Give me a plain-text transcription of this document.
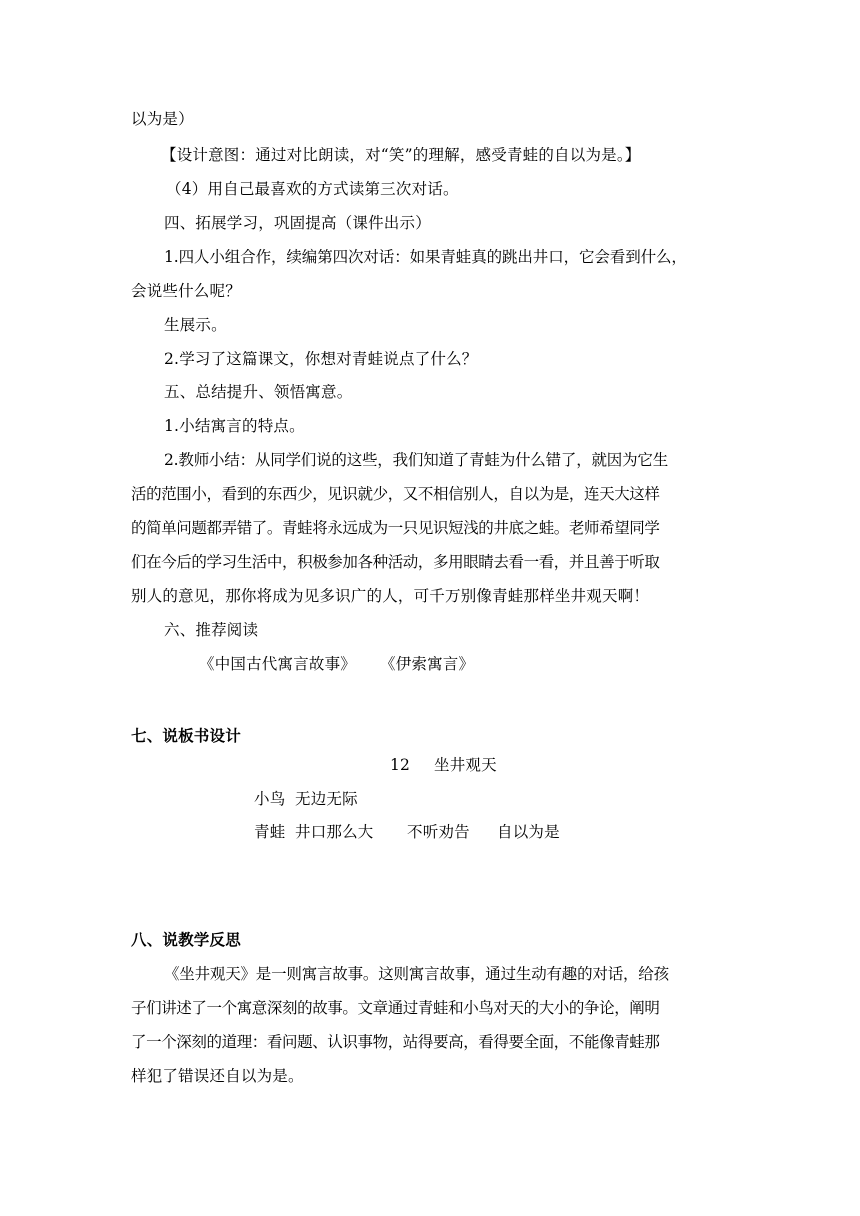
以为是）
【设计意图：通过对比朗读，对“笑”的理解，感受青蛙的自以为是。】
（4）用自己最喜欢的方式读第三次对话。
四、拓展学习，巩固提高（课件出示）
1.四人小组合作，续编第四次对话：如果青蛙真的跳出井口，它会看到什么，
会说些什么呢？
生展示。
2.学习了这篇课文，你想对青蛙说点了什么？
五、总结提升、领悟寓意。
1.小结寓言的特点。
2.教师小结：从同学们说的这些，我们知道了青蛙为什么错了，就因为它生
活的范围小，看到的东西少，见识就少，又不相信别人，自以为是，连天大这样
的简单问题都弄错了。青蛙将永远成为一只见识短浅的井底之蛙。老师希望同学
们在今后的学习生活中，积极参加各种活动，多用眼睛去看一看，并且善于听取
别人的意见，那你将成为见多识广的人，可千万别像青蛙那样坐井观天啊！
六、推荐阅读
《中国古代寓言故事》 《伊索寓言》
七、说板书设计
12 坐井观天
小鸟 无边无际
青蛙 井口那么大 不听劝告 自以为是
八、说教学反思
《坐井观天》是一则寓言故事。这则寓言故事，通过生动有趣的对话，给孩
子们讲述了一个寓意深刻的故事。文章通过青蛙和小鸟对天的大小的争论，阐明
了一个深刻的道理：看问题、认识事物，站得要高，看得要全面，不能像青蛙那
样犯了错误还自以为是。
